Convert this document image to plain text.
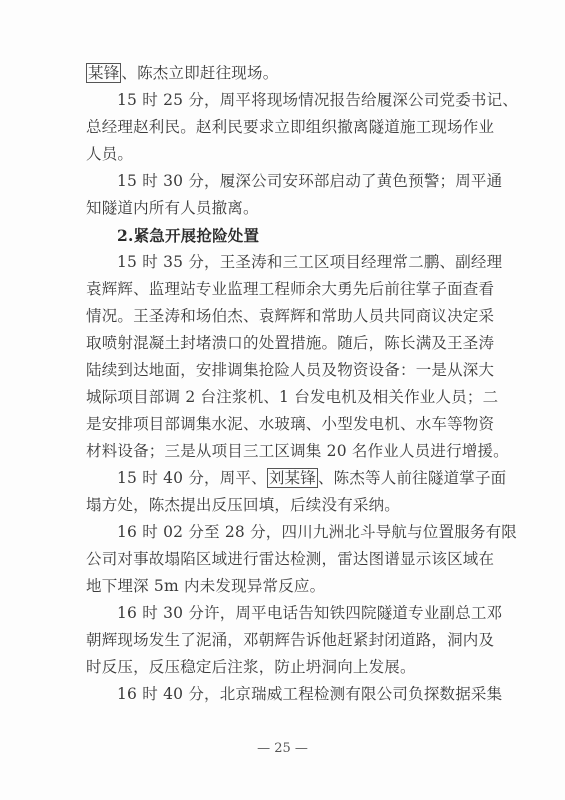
某锋 、陈杰立即赶往现场。
15 时 25 分，周平将现场情况报告给履深公司党委书记、
总经理赵利民。赵利民要求立即组织撤离隧道施工现场作业
人员。
15 时 30 分，履深公司安环部启动了黄色预警；周平通
知隧道内所有人员撤离。
2.紧急开展抢险处置
15 时 35 分，王圣涛和三工区项目经理常二鹏、副经理
袁辉辉、监理站专业监理工程师余大勇先后前往掌子面查看
情况。王圣涛和场伯杰、袁辉辉和常助人员共同商议决定采
取喷射混凝土封堵溃口的处置措施。随后，陈长满及王圣涛
陆续到达地面，安排调集抢险人员及物资设备：一是从深大
城际项目部调 2 台注浆机、1 台发电机及相关作业人员；二
是安排项目部调集水泥、水玻璃、小型发电机、水车等物资
材料设备；三是从项目三工区调集 20 名作业人员进行增援。
15 时 40 分，周平、 刘某锋 、陈杰等人前往隧道掌子面
塌方处，陈杰提出反压回填，后续没有采纳。
16 时 02 分至 28 分，四川九洲北斗导航与位置服务有限
公司对事故塌陷区域进行雷达检测，雷达图谱显示该区域在
地下埋深 5m 内未发现异常反应。
16 时 30 分许，周平电话告知铁四院隧道专业副总工邓
朝辉现场发生了泥涌，邓朝辉告诉他赶紧封闭道路，洞内及
时反压，反压稳定后注浆，防止坍洞向上发展。
16 时 40 分，北京瑞威工程检测有限公司负探数据采集
— 25 —
